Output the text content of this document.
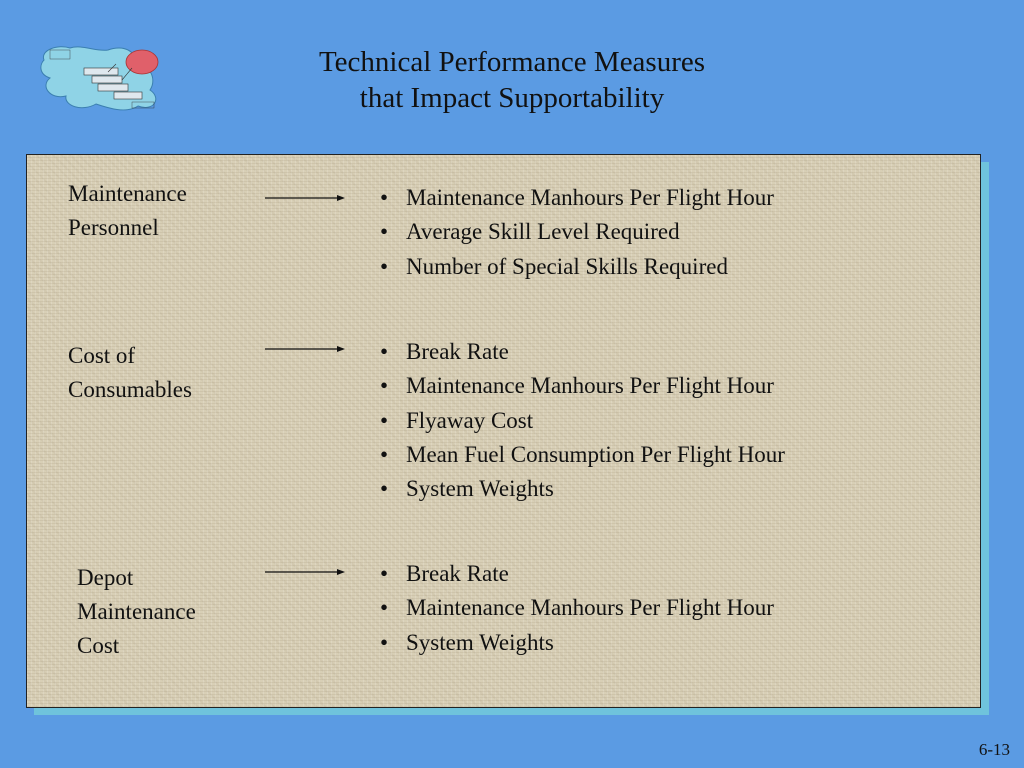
Technical Performance Measures
that Impact Supportability
Maintenance
Personnel
• Maintenance Manhours Per Flight Hour
• Average Skill Level Required
• Number of Special Skills Required
Cost of
Consumables
• Break Rate
• Maintenance Manhours Per Flight Hour
• Flyaway Cost
• Mean Fuel Consumption Per Flight Hour
• System Weights
Depot
Maintenance
Cost
• Break Rate
• Maintenance Manhours Per Flight Hour
• System Weights
6-13
